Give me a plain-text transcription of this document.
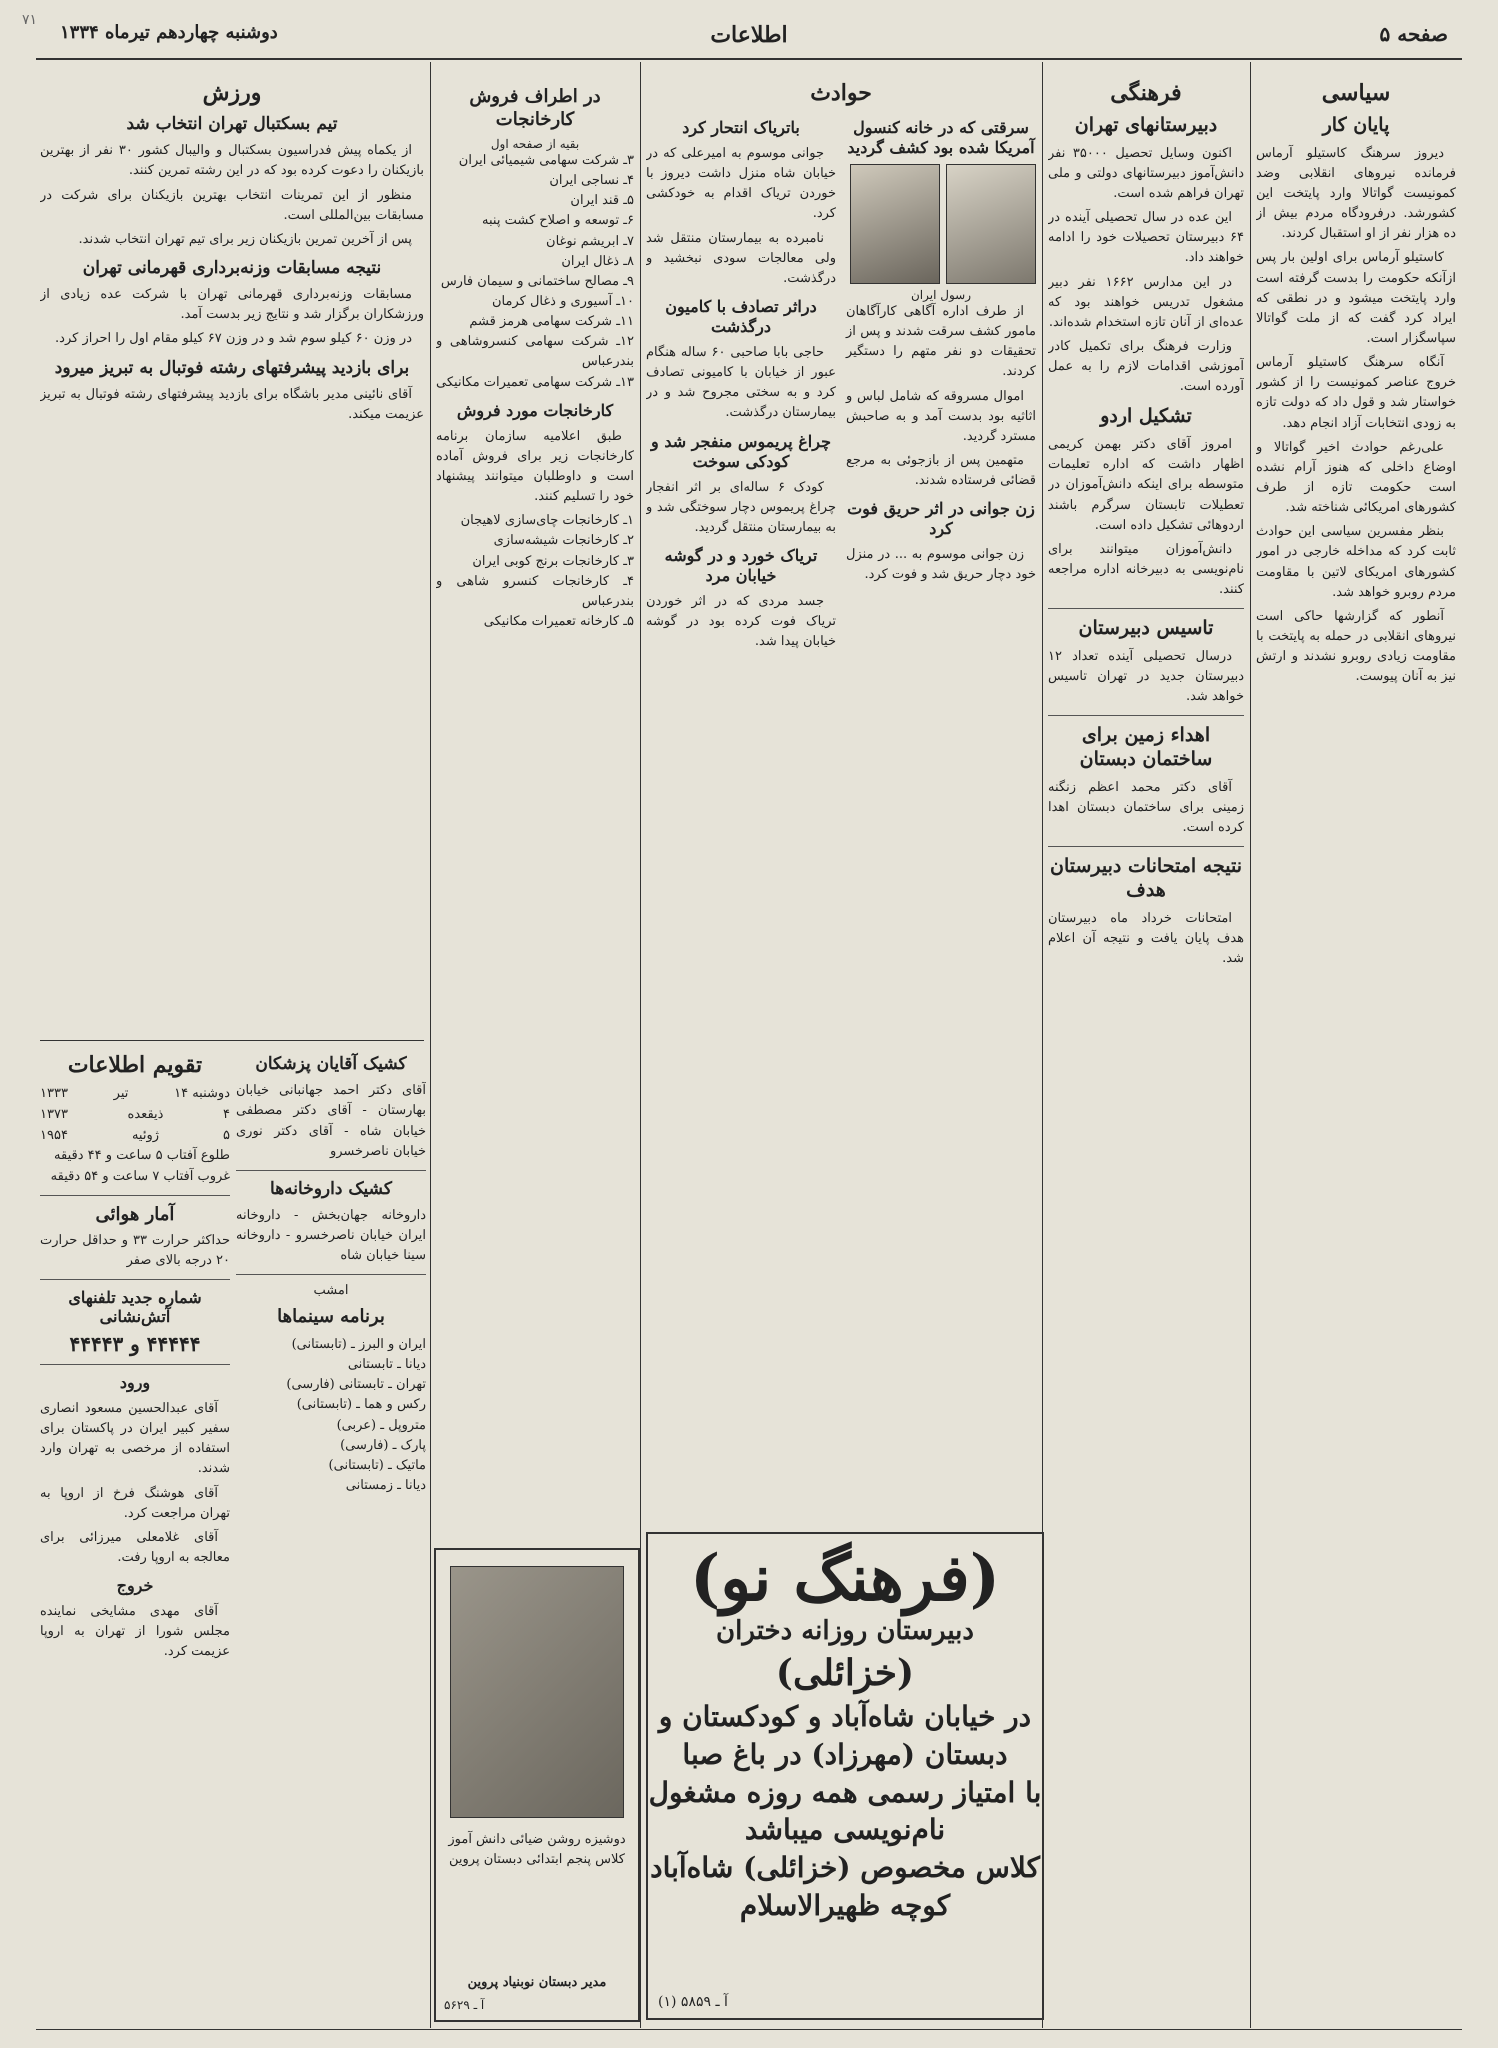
۷۱
صفحه ۵
اطلاعات
دوشنبه چهاردهم تیرماه ۱۳۳۴
سیاسی
پایان کار

دیروز سرهنگ کاستیلو آرماس فرمانده نیروهای انقلابی وضد کمونیست گواتالا وارد پایتخت این کشورشد. درفرودگاه مردم بیش از ده هزار نفر از او استقبال کردند.

کاستیلو آرماس برای اولین بار پس ازآنکه حکومت را بدست گرفته است وارد پایتخت میشود و در نطقی که ایراد کرد گفت که از ملت گواتالا سپاسگزار است.

آنگاه سرهنگ کاستیلو آرماس خروج عناصر کمونیست را از کشور خواستار شد و قول داد که دولت تازه به زودی انتخابات آزاد انجام دهد.

علی‌رغم حوادث اخیر گواتالا و اوضاع داخلی که هنوز آرام نشده است حکومت تازه از طرف کشورهای امریکائی شناخته شد.

بنظر مفسرین سیاسی این حوادث ثابت کرد که مداخله خارجی در امور کشورهای امریکای لاتین با مقاومت مردم روبرو خواهد شد.

آنطور که گزارشها حاکی است نیروهای انقلابی در حمله به پایتخت با مقاومت زیادی روبرو نشدند و ارتش نیز به آنان پیوست.

فرهنگی
دبیرستانهای تهران

اکنون وسایل تحصیل ۳۵۰۰۰ نفر دانش‌آموز دبیرستانهای دولتی و ملی تهران فراهم شده است.

این عده در سال تحصیلی آینده در ۶۴ دبیرستان تحصیلات خود را ادامه خواهند داد.

در این مدارس ۱۶۶۲ نفر دبیر مشغول تدریس خواهند بود که عده‌ای از آنان تازه استخدام شده‌اند.

وزارت فرهنگ برای تکمیل کادر آموزشی اقدامات لازم را به عمل آورده است.

تشکیل اردو

امروز آقای دکتر بهمن کریمی اظهار داشت که اداره تعلیمات متوسطه برای اینکه دانش‌آموزان در تعطیلات تابستان سرگرم باشند اردوهائی تشکیل داده است.

دانش‌آموزان میتوانند برای نام‌نویسی به دبیرخانه اداره مراجعه کنند.

تاسیس دبیرستان

درسال تحصیلی آینده تعداد ۱۲ دبیرستان جدید در تهران تاسیس خواهد شد.

اهداء زمین برای ساختمان دبستان

آقای دکتر محمد اعظم زنگنه زمینی برای ساختمان دبستان اهدا کرده است.

نتیجه امتحانات دبیرستان هدف

امتحانات خرداد ماه دبیرستان هدف پایان یافت و نتیجه آن اعلام شد.

حوادث
سرقتی که در خانه کنسول آمریکا شده بود کشف گردید
رسول ایران

از طرف اداره آگاهی کارآگاهان مامور کشف سرقت شدند و پس از تحقیقات دو نفر متهم را دستگیر کردند.

اموال مسروقه که شامل لباس و اثاثیه بود بدست آمد و به صاحبش مسترد گردید.

متهمین پس از بازجوئی به مرجع قضائی فرستاده شدند.

زن جوانی در اثر حریق فوت کرد

زن جوانی موسوم به ... در منزل خود دچار حریق شد و فوت کرد.

باتریاک انتحار کرد

جوانی موسوم به امیرعلی که در خیابان شاه منزل داشت دیروز با خوردن تریاک اقدام به خودکشی کرد.

نامبرده به بیمارستان منتقل شد ولی معالجات سودی نبخشید و درگذشت.

دراثر تصادف با کامیون درگذشت

حاجی بابا صاحبی ۶۰ ساله هنگام عبور از خیابان با کامیونی تصادف کرد و به سختی مجروح شد و در بیمارستان درگذشت.

چراغ پریموس منفجر شد و کودکی سوخت

کودک ۶ ساله‌ای بر اثر انفجار چراغ پریموس دچار سوختگی شد و به بیمارستان منتقل گردید.

تریاک خورد و در گوشه خیابان مرد

جسد مردی که در اثر خوردن تریاک فوت کرده بود در گوشه خیابان پیدا شد.

در اطراف فروش کارخانجات
بقیه از صفحه اول
۳ـ شرکت سهامی شیمیائی ایران
۴ـ نساجی ایران
۵ـ قند ایران
۶ـ توسعه و اصلاح کشت پنبه
۷ـ ابریشم نوغان
۸ـ ذغال ایران
۹ـ مصالح ساختمانی و سیمان فارس
۱۰ـ آسیوری و ذغال کرمان
۱۱ـ شرکت سهامی هرمز قشم
۱۲ـ شرکت سهامی کنسروشاهی و بندرعباس
۱۳ـ شرکت سهامی تعمیرات مکانیکی
کارخانجات مورد فروش

طبق اعلامیه سازمان برنامه کارخانجات زیر برای فروش آماده است و داوطلبان میتوانند پیشنهاد خود را تسلیم کنند.

۱ـ کارخانجات چای‌سازی لاهیجان
۲ـ کارخانجات شیشه‌سازی
۳ـ کارخانجات برنج کوبی ایران
۴ـ کارخانجات کنسرو شاهی و بندرعباس
۵ـ کارخانه تعمیرات مکانیکی
ورزش
تیم بسکتبال تهران انتخاب شد

از یکماه پیش فدراسیون بسکتبال و والیبال کشور ۳۰ نفر از بهترین بازیکنان را دعوت کرده بود که در این رشته تمرین کنند.

منظور از این تمرینات انتخاب بهترین بازیکنان برای شرکت در مسابقات بین‌المللی است.

پس از آخرین تمرین بازیکنان زیر برای تیم تهران انتخاب شدند.

نتیجه مسابقات وزنه‌برداری قهرمانی تهران

مسابقات وزنه‌برداری قهرمانی تهران با شرکت عده زیادی از ورزشکاران برگزار شد و نتایج زیر بدست آمد.

در وزن ۶۰ کیلو سوم شد و در وزن ۶۷ کیلو مقام اول را احراز کرد.

برای بازدید پیشرفتهای رشته فوتبال به تبریز میرود

آقای نائینی مدیر باشگاه برای بازدید پیشرفتهای رشته فوتبال به تبریز عزیمت میکند.

تقویم اطلاعات
دوشنبه ۱۴
تیر
۱۳۳۳
۴
ذیقعده
۱۳۷۳
۵
ژوئیه
۱۹۵۴
طلوع آفتاب ۵ ساعت و ۴۴ دقیقه
غروب آفتاب ۷ ساعت و ۵۴ دقیقه
آمار هوائی
حداکثر حرارت ۳۳ و حداقل حرارت ۲۰ درجه بالای صفر
شماره جدید تلفنهای آتش‌نشانی
۴۴۴۴۴ و ۴۴۴۴۳
ورود

آقای عبدالحسین مسعود انصاری سفیر کبیر ایران در پاکستان برای استفاده از مرخصی به تهران وارد شدند.

آقای هوشنگ فرخ از اروپا به تهران مراجعت کرد.

آقای غلامعلی میرزائی برای معالجه به اروپا رفت.

خروج

آقای مهدی مشایخی نماینده مجلس شورا از تهران به اروپا عزیمت کرد.

کشیک آقایان پزشکان
آقای دکتر احمد جهانبانی خیابان بهارستان - آقای دکتر مصطفی خیابان شاه - آقای دکتر نوری خیابان ناصرخسرو
کشیک داروخانه‌ها
داروخانه جهان‌بخش - داروخانه ایران خیابان ناصرخسرو - داروخانه سینا خیابان شاه
امشب
برنامه سینماها
ایران و البرز ـ (تابستانی)
دیانا ـ تابستانی
تهران ـ تابستانی (فارسی)
رکس و هما ـ (تابستانی)
متروپل ـ (عربی)
پارک ـ (فارسی)
ماتیک ـ (تابستانی)
دیانا ـ زمستانی
دوشیزه روشن ضیائی دانش آموز کلاس پنجم ابتدائی دبستان پروین
مدیر دبستان نوبنیاد پروین
آ ـ ۵۶۲۹
(فرهنگ نو)
دبیرستان روزانه دختران
(خزائلی)
در خیابان شاه‌آباد و کودکستان و
دبستان (مهرزاد) در باغ صبا
با امتیاز رسمی همه روزه مشغول
نام‌نویسی میباشد
کلاس مخصوص (خزائلی) شاه‌آباد
کوچه ظهیرالاسلام
آ ـ ۵۸۵۹ (۱)
